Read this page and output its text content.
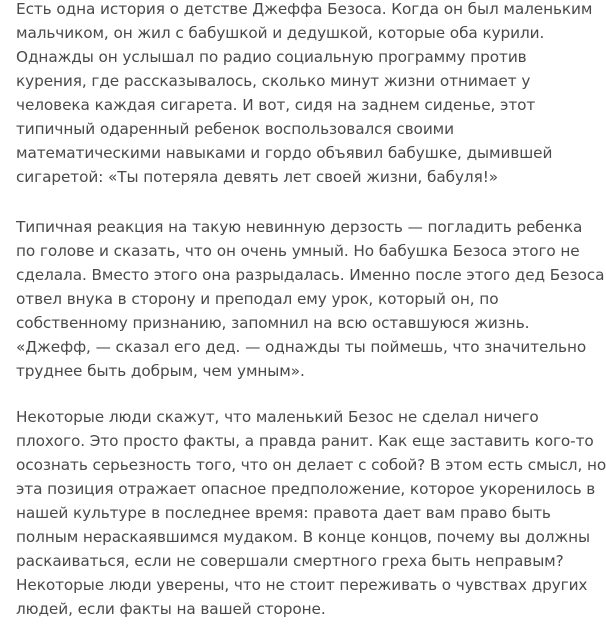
Есть одна история о детстве Джеффа Безоса. Когда он был маленьким
мальчиком, он жил с бабушкой и дедушкой, которые оба курили.
Однажды он услышал по радио социальную программу против
курения, где рассказывалось, сколько минут жизни отнимает у
человека каждая сигарета. И вот, сидя на заднем сиденье, этот
типичный одаренный ребенок воспользовался своими
математическими навыками и гордо объявил бабушке, дымившей
сигаретой: «Ты потеряла девять лет своей жизни, бабуля!»

Типичная реакция на такую невинную дерзость — погладить ребенка
по голове и сказать, что он очень умный. Но бабушка Безоса этого не
сделала. Вместо этого она разрыдалась. Именно после этого дед Безоса
отвел внука в сторону и преподал ему урок, который он, по
собственному признанию, запомнил на всю оставшуюся жизнь.
«Джефф, — сказал его дед. — однажды ты поймешь, что значительно
труднее быть добрым, чем умным».

Некоторые люди скажут, что маленький Безос не сделал ничего
плохого. Это просто факты, а правда ранит. Как еще заставить кого-то
осознать серьезность того, что он делает с собой? В этом есть смысл, но
эта позиция отражает опасное предположение, которое укоренилось в
нашей культуре в последнее время: правота дает вам право быть
полным нераскаявшимся мудаком. В конце концов, почему вы должны
раскаиваться, если не совершали смертного греха быть неправым?
Некоторые люди уверены, что не стоит переживать о чувствах других
людей, если факты на вашей стороне.
